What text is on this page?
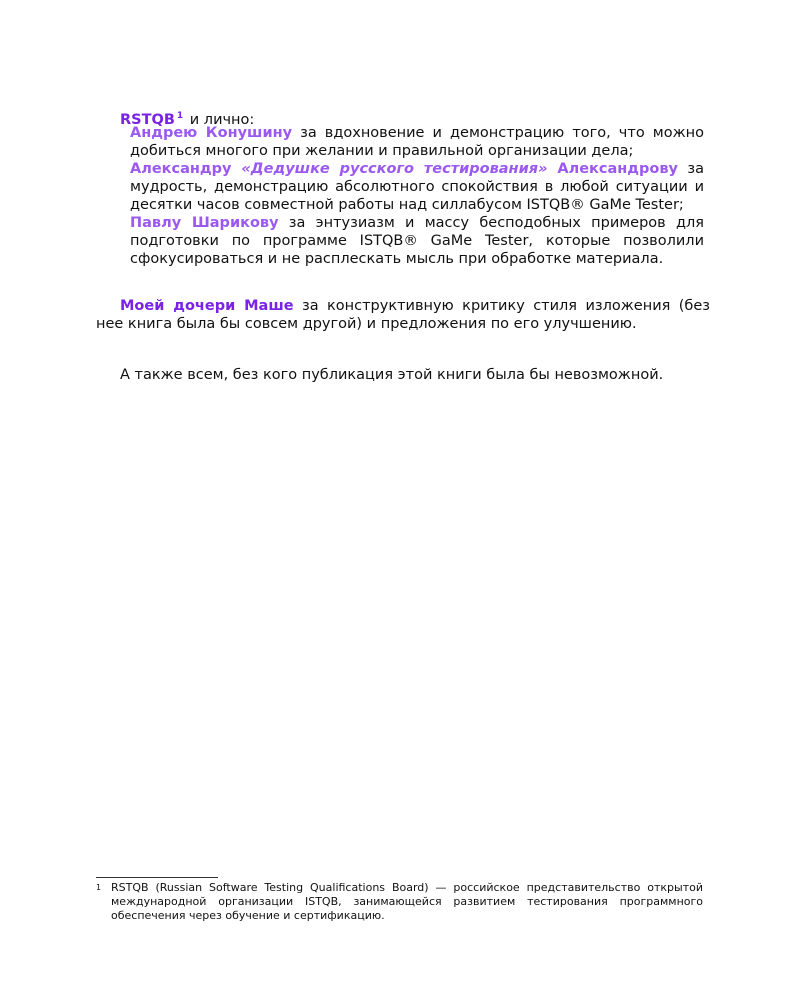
RSTQB $^1$ и лично:
Андрею Конушину за вдохновение и демонстрацию того, что можно добиться многого при желании и правильной организации дела;
Александру «Дедушке русского тестирования» Александрову за мудрость, демонстрацию абсолютного спокойствия в любой ситуации и десятки часов совместной работы над силлабусом ISTQB® GaMe Tester;
Павлу Шарикову за энтузиазм и массу бесподобных примеров для подготовки по программе ISTQB® GaMe Tester, которые позволили сфокусироваться и не расплескать мысль при обработке материала.
Моей дочери Маше за конструктивную критику стиля изложения (без нее книга была бы совсем другой) и предложения по его улучшению.
А также всем, без кого публикация этой книги была бы невозможной.
1 RSTQB (Russian Software Testing Qualifications Board) — российское представительство открытой международной организации ISTQB, занимающейся развитием тестирования программного обеспечения через обучение и сертификацию.
